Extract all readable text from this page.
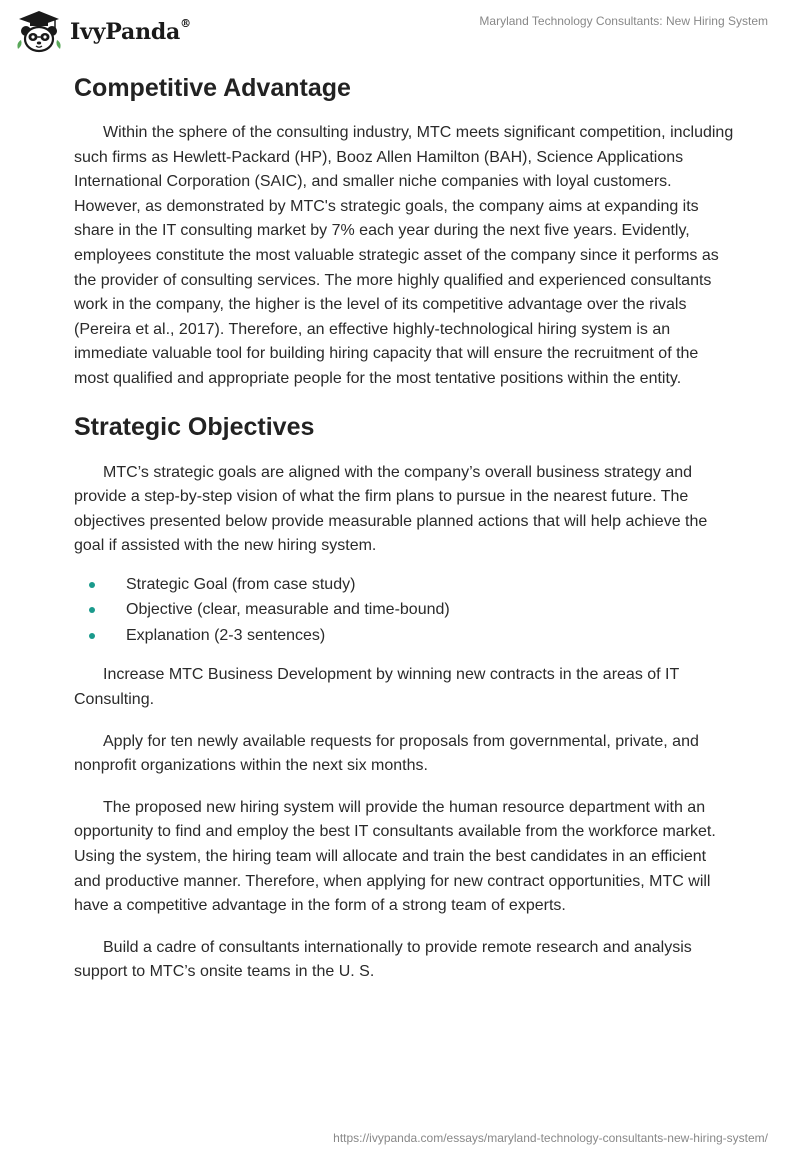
IvyPanda®	Maryland Technology Consultants: New Hiring System
Competitive Advantage

Within the sphere of the consulting industry, MTC meets significant competition, including such firms as Hewlett-Packard (HP), Booz Allen Hamilton (BAH), Science Applications International Corporation (SAIC), and smaller niche companies with loyal customers. However, as demonstrated by MTC's strategic goals, the company aims at expanding its share in the IT consulting market by 7% each year during the next five years. Evidently, employees constitute the most valuable strategic asset of the company since it performs as the provider of consulting services. The more highly qualified and experienced consultants work in the company, the higher is the level of its competitive advantage over the rivals (Pereira et al., 2017). Therefore, an effective highly-technological hiring system is an immediate valuable tool for building hiring capacity that will ensure the recruitment of the most qualified and appropriate people for the most tentative positions within the entity.

Strategic Objectives

MTC’s strategic goals are aligned with the company’s overall business strategy and provide a step-by-step vision of what the firm plans to pursue in the nearest future. The objectives presented below provide measurable planned actions that will help achieve the goal if assisted with the new hiring system.

Strategic Goal (from case study)
Objective (clear, measurable and time-bound)
Explanation (2-3 sentences)

Increase MTC Business Development by winning new contracts in the areas of IT Consulting.

Apply for ten newly available requests for proposals from governmental, private, and nonprofit organizations within the next six months.

The proposed new hiring system will provide the human resource department with an opportunity to find and employ the best IT consultants available from the workforce market. Using the system, the hiring team will allocate and train the best candidates in an efficient and productive manner. Therefore, when applying for new contract opportunities, MTC will have a competitive advantage in the form of a strong team of experts.

Build a cadre of consultants internationally to provide remote research and analysis support to MTC’s onsite teams in the U. S.

https://ivypanda.com/essays/maryland-technology-consultants-new-hiring-system/
